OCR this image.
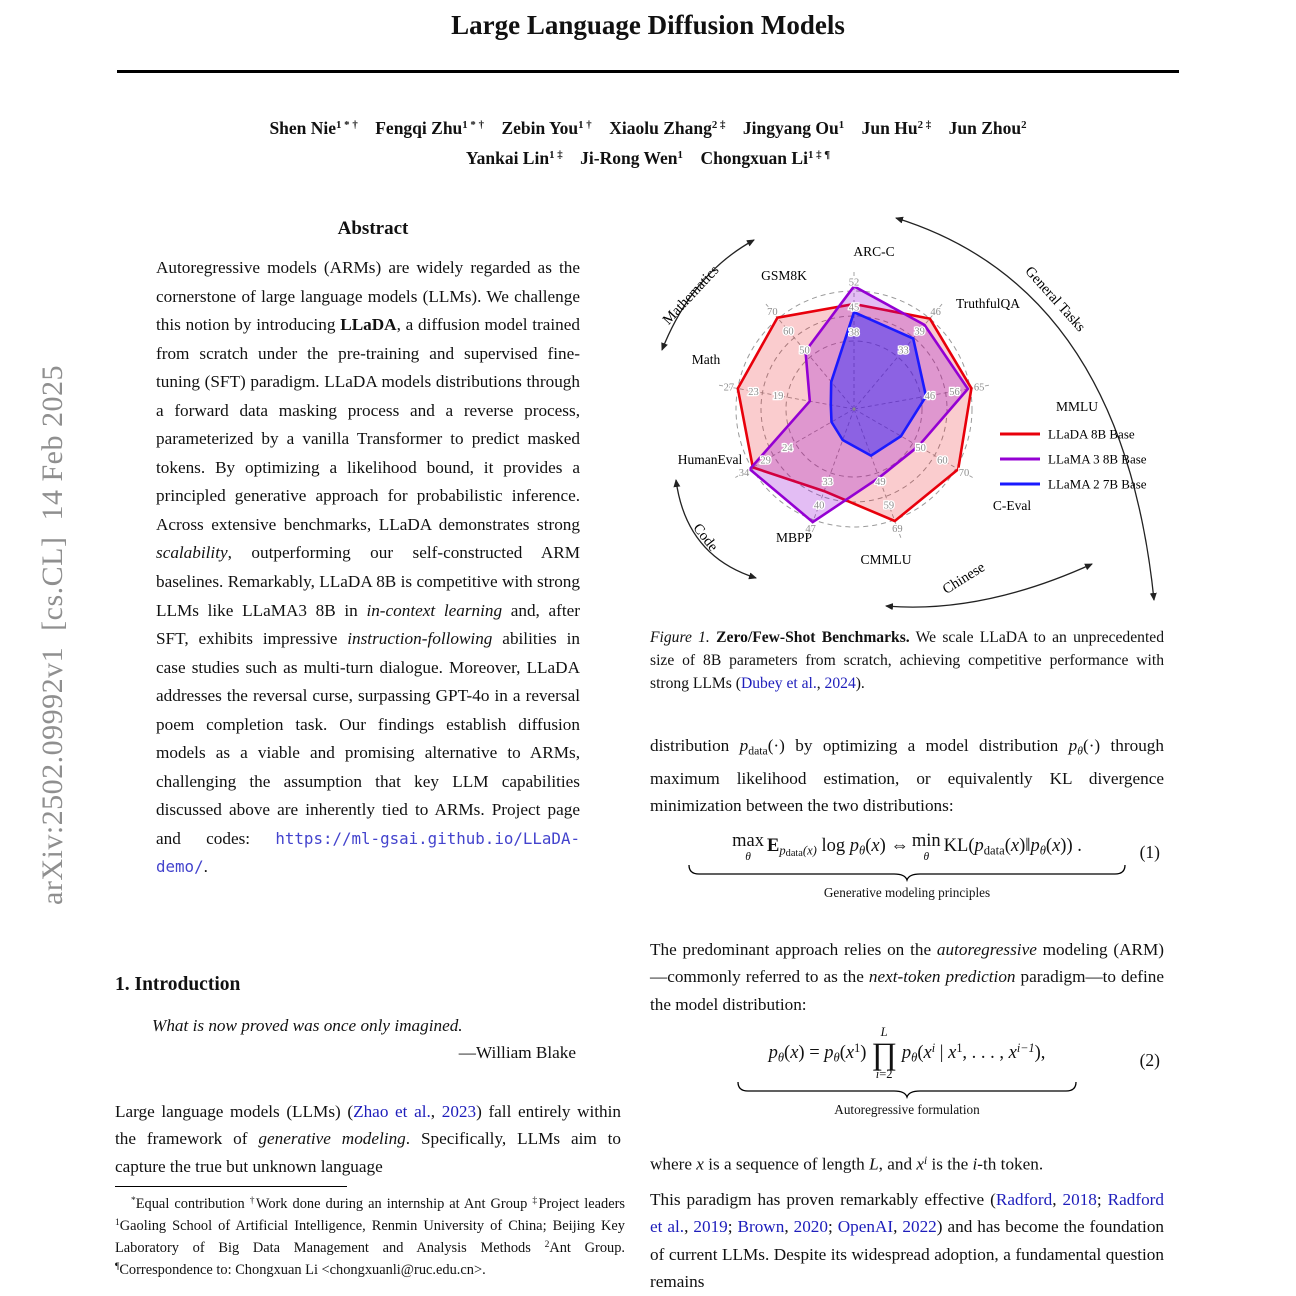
arXiv:2502.09992v1  [cs.CL]  14 Feb 2025
Large Language Diffusion Models
Shen Nie$^{1 * \dagger}$  Fengqi Zhu$^{1 * \dagger}$  Zebin You$^{1 \dagger}$  Xiaolu Zhang$^{2 \ddagger}$  Jingyang Ou$^1$  Jun $Hu^{2 \ddagger}$  Jun Zhou$^2$
Yankai Lin$^{1 \ddagger}$  Ji-Rong Wen$^1$  Chongxuan $Li^{1 \ddagger \P}$
Abstract
Autoregressive models (ARMs) are widely regarded as the cornerstone of large language models (LLMs). We challenge this notion by introducing LLaDA, a diffusion model trained from scratch under the pre-training and supervised fine-tuning (SFT) paradigm. LLaDA models distributions through a forward data masking process and a reverse process, parameterized by a vanilla Transformer to predict masked tokens. By optimizing a likelihood bound, it provides a principled generative approach for probabilistic inference. Across extensive benchmarks, LLaDA demonstrates strong scalability, outperforming our self-constructed ARM baselines. Remarkably, LLaDA 8B is competitive with strong LLMs like LLaMA3 8B in in-context learning and, after SFT, exhibits impressive instruction-following abilities in case studies such as multi-turn dialogue. Moreover, LLaDA addresses the reversal curse, surpassing GPT-4o in a reversal poem completion task. Our findings establish diffusion models as a viable and promising alternative to ARMs, challenging the assumption that key LLM capabilities discussed above are inherently tied to ARMs. Project page and codes: https://ml-gsai.github.io/LLaDA-demo/.
1. Introduction
What is now proved was once only imagined.
—William Blake
Large language models (LLMs) (Zhao et al., 2023) fall entirely within the framework of generative modeling. Specifically, LLMs aim to capture the true but unknown language
*Equal contribution †Work done during an internship at Ant Group ‡Project leaders $^1$Gaoling School of Artificial Intelligence, Renmin University of China; Beijing Key Laboratory of Big Data Management and Analysis Methods $^2$Ant Group. ¶Correspondence to: Chongxuan Li <chongxuanli@ruc.edu.cn>.
52
45
38
46
39
33
65
56
46
70
60
50
69
59
49
47
40
33
34
29
24
27 23 19
70
60
50
ARC-C
TruthfulQA
MMLU
C-Eval
CMMLU
MBPP
HumanEval
Math
GSM8K
Mathematics	General Tasks
Code
Chinese
LLaDA 8B Base
LLaMA 3 8B Base
LLaMA 2 7B Base
Figure 1. Zero/Few-Shot Benchmarks. We scale LLaDA to an unprecedented size of 8B parameters from scratch, achieving competitive performance with strong LLMs (Dubey et al., 2024).
distribution pdata(·) by optimizing a model distribution pθ(·) through maximum likelihood estimation, or equivalently KL divergence minimization between the two distributions:
max
θ
$Ep_{data}(x)$ log pθ(x) ⇔ min
θ
KL(pdata(x)‖pθ(x)) .	(1)
Generative modeling principles
The predominant approach relies on the autoregressive modeling (ARM)—commonly referred to as the next-token prediction paradigm—to define the model distribution:
$p\theta(x) = p\theta(x^1)$
L
∏
i=2
$p\theta(x^i$ | $x^1$, . . . , $x^{i-1}$),	(2)
Autoregressive formulation
where x is a sequence of length L, and $x^i$ is the i-th token.
This paradigm has proven remarkably effective (Radford, 2018; Radford et al., 2019; Brown, 2020; OpenAI, 2022) and has become the foundation of current LLMs. Despite its widespread adoption, a fundamental question remains
